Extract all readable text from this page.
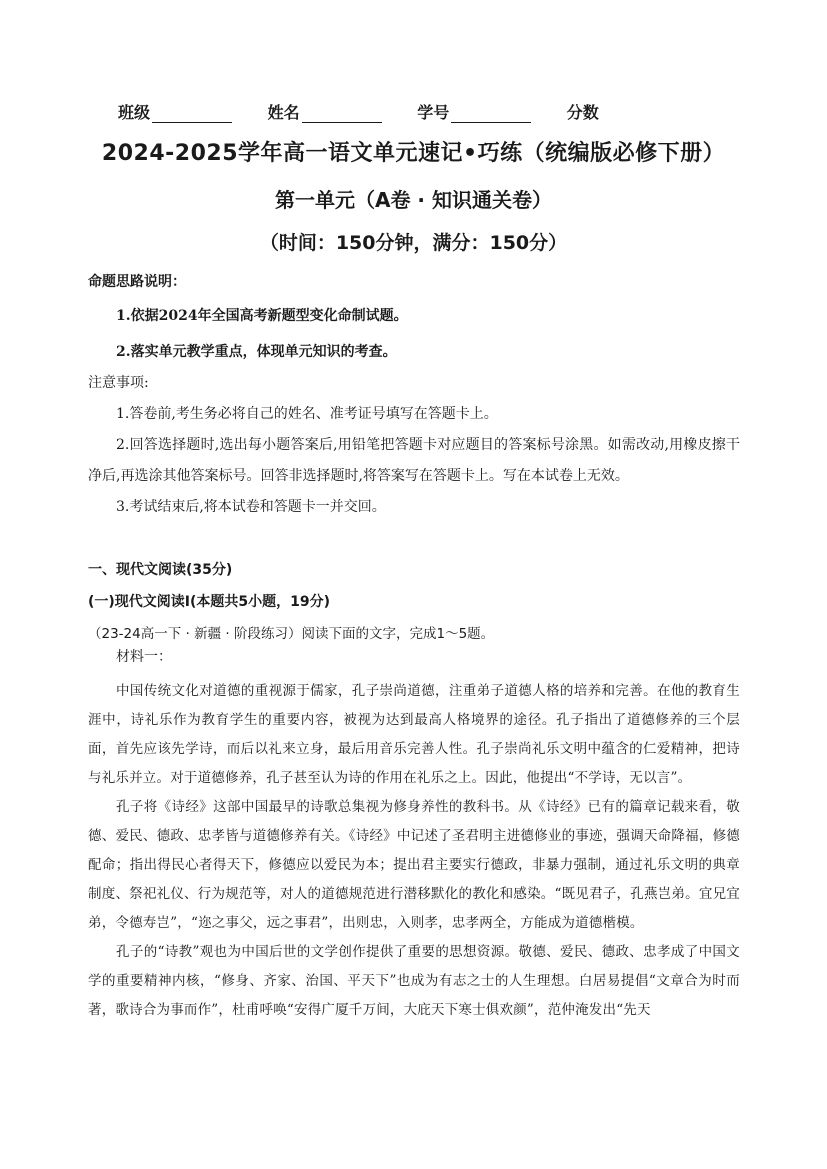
班级	姓名	学号	分数
2024-2025学年高一语文单元速记•巧练（统编版必修下册）
第一单元（A卷 · 知识通关卷）
（时间：150分钟，满分：150分）
命题思路说明：
1.依据2024年全国高考新题型变化命制试题。
2.落实单元教学重点，体现单元知识的考查。
注意事项:
1.答卷前,考生务必将自己的姓名、准考证号填写在答题卡上。
2.回答选择题时,选出每小题答案后,用铅笔把答题卡对应题目的答案标号涂黑。如需改动,用橡皮擦干净后,再选涂其他答案标号。回答非选择题时,将答案写在答题卡上。写在本试卷上无效。
3.考试结束后,将本试卷和答题卡一并交回。
一、现代文阅读(35分)
(一)现代文阅读Ⅰ(本题共5小题，19分)
（23-24高一下 · 新疆 · 阶段练习）阅读下面的文字，完成1～5题。
材料一：

中国传统文化对道德的重视源于儒家，孔子崇尚道德，注重弟子道德人格的培养和完善。在他的教育生涯中，诗礼乐作为教育学生的重要内容，被视为达到最高人格境界的途径。孔子指出了道德修养的三个层面，首先应该先学诗，而后以礼来立身，最后用音乐完善人性。孔子崇尚礼乐文明中蕴含的仁爱精神，把诗与礼乐并立。对于道德修养，孔子甚至认为诗的作用在礼乐之上。因此，他提出“不学诗，无以言”。

孔子将《诗经》这部中国最早的诗歌总集视为修身养性的教科书。从《诗经》已有的篇章记载来看，敬德、爱民、德政、忠孝皆与道德修养有关。《诗经》中记述了圣君明主进德修业的事迹，强调天命降福，修德配命；指出得民心者得天下，修德应以爱民为本；提出君主要实行德政，非暴力强制，通过礼乐文明的典章制度、祭祀礼仪、行为规范等，对人的道德规范进行潜移默化的教化和感染。“既见君子，孔燕岂弟。宜兄宜弟，令德寿岂”，“迩之事父，远之事君”，出则忠，入则孝，忠孝两全，方能成为道德楷模。

孔子的“诗教”观也为中国后世的文学创作提供了重要的思想资源。敬德、爱民、德政、忠孝成了中国文学的重要精神内核，“修身、齐家、治国、平天下”也成为有志之士的人生理想。白居易提倡“文章合为时而著，歌诗合为事而作”，杜甫呼唤“安得广厦千万间，大庇天下寒士俱欢颜”，范仲淹发出“先天
